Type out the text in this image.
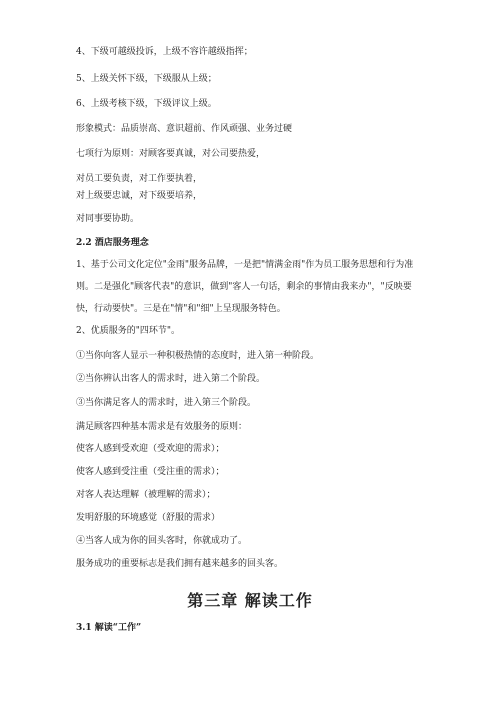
4、下级可越级投诉，上级不容许越级指挥；
5、上级关怀下级，下级服从上级；
6、上级考核下级，下级评议上级。
形象模式：品质崇高、意识超前、作风顽强、业务过硬
七项行为原则：对顾客要真诚，对公司要热爱，
对员工要负责，对工作要执着，
对上级要忠诚，对下级要培养，
对同事要协助。
2.2 酒店服务理念
1、基于公司文化定位"金雨"服务品牌，一是把"情满金雨"作为员工服务思想和行为准则。二是强化"顾客代表"的意识，做到"客人一句话，剩余的事情由我来办"，"反映要快，行动要快"。三是在"情"和"细"上呈现服务特色。
2、优质服务的"四环节"。
①当你向客人显示一种积极热情的态度时，进入第一种阶段。
②当你辨认出客人的需求时，进入第二个阶段。
③当你满足客人的需求时，进入第三个阶段。
满足顾客四种基本需求是有效服务的原则：
使客人感到受欢迎（受欢迎的需求）；
使客人感到受注重（受注重的需求）；
对客人表达理解（被理解的需求）；
发明舒服的环境感觉（舒服的需求）
④当客人成为你的回头客时，你就成功了。
服务成功的重要标志是我们拥有越来越多的回头客。
第三章 解读工作
3.1 解读“工作”
